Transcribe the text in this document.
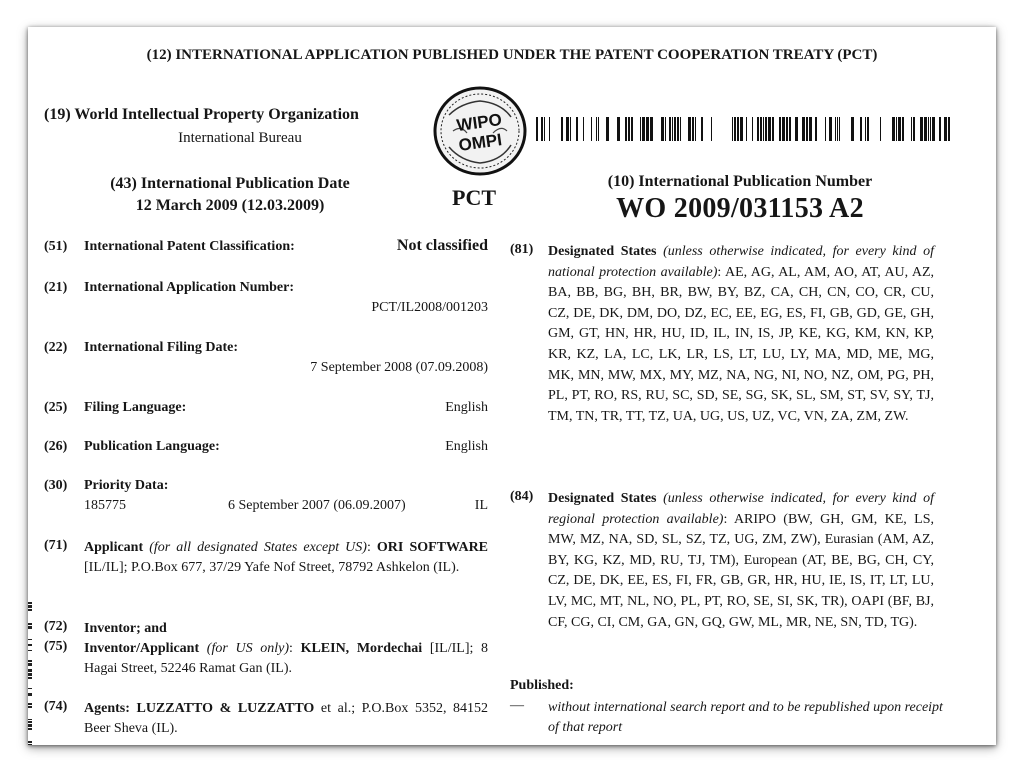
(12) INTERNATIONAL APPLICATION PUBLISHED UNDER THE PATENT COOPERATION TREATY (PCT)
(19) World Intellectual Property Organization
International Bureau
WIPO
OMPI
(43) International Publication Date
12 March 2009 (12.03.2009)	PCT
(10) International Publication Number
WO 2009/031153 A2
(51) International Patent Classification:	Not classified
(21) International Application Number:
PCT/IL2008/001203
(22) International Filing Date:
7 September 2008 (07.09.2008)
(25) Filing Language:	English
(26) Publication Language:	English
(30) Priority Data:
185775	6 September 2007 (06.09.2007)	IL
(71) Applicant (for all designated States except US): ORI SOFTWARE [IL/IL]; P.O.Box 677, 37/29 Yafe Nof Street, 78792 Ashkelon (IL).
(72) Inventor; and
(75) Inventor/Applicant (for US only): KLEIN, Mordechai [IL/IL]; 8 Hagai Street, 52246 Ramat Gan (IL).
(74) Agents: LUZZATTO & LUZZATTO et al.; P.O.Box 5352, 84152 Beer Sheva (IL).
(81) Designated States (unless otherwise indicated, for every kind of national protection available): AE, AG, AL, AM, AO, AT, AU, AZ, BA, BB, BG, BH, BR, BW, BY, BZ, CA, CH, CN, CO, CR, CU, CZ, DE, DK, DM, DO, DZ, EC, EE, EG, ES, FI, GB, GD, GE, GH, GM, GT, HN, HR, HU, ID, IL, IN, IS, JP, KE, KG, KM, KN, KP, KR, KZ, LA, LC, LK, LR, LS, LT, LU, LY, MA, MD, ME, MG, MK, MN, MW, MX, MY, MZ, NA, NG, NI, NO, NZ, OM, PG, PH, PL, PT, RO, RS, RU, SC, SD, SE, SG, SK, SL, SM, ST, SV, SY, TJ, TM, TN, TR, TT, TZ, UA, UG, US, UZ, VC, VN, ZA, ZM, ZW.
(84) Designated States (unless otherwise indicated, for every kind of regional protection available): ARIPO (BW, GH, GM, KE, LS, MW, MZ, NA, SD, SL, SZ, TZ, UG, ZM, ZW), Eurasian (AM, AZ, BY, KG, KZ, MD, RU, TJ, TM), European (AT, BE, BG, CH, CY, CZ, DE, DK, EE, ES, FI, FR, GB, GR, HR, HU, IE, IS, IT, LT, LU, LV, MC, MT, NL, NO, PL, PT, RO, SE, SI, SK, TR), OAPI (BF, BJ, CF, CG, CI, CM, GA, GN, GQ, GW, ML, MR, NE, SN, TD, TG).
Published:
— without international search report and to be republished upon receipt of that report
